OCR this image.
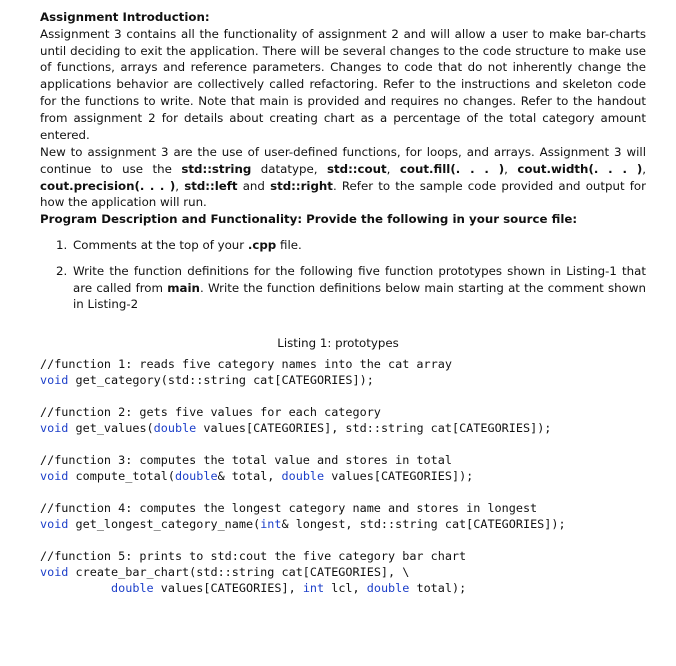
Assignment Introduction:

Assignment 3 contains all the functionality of assignment 2 and will allow a user to make bar-charts until deciding to exit the application. There will be several changes to the code structure to make use of functions, arrays and reference parameters. Changes to code that do not inherently change the applications behavior are collectively called refactoring. Refer to the instructions and skeleton code for the functions to write. Note that main is provided and requires no changes. Refer to the handout from assignment 2 for details about creating chart as a percentage of the total category amount entered.

New to assignment 3 are the use of user-defined functions, for loops, and arrays. Assignment 3 will continue to use the std::string datatype, std::cout, cout.fill(. . . ), cout.width(. . . ), cout.precision(. . . ), std::left and std::right. Refer to the sample code provided and output for how the application will run.

Program Description and Functionality: Provide the following in your source file:
1. Comments at the top of your .cpp file.
2. Write the function definitions for the following five function prototypes shown in Listing-1 that are called from main. Write the function definitions below main starting at the comment shown in Listing-2
Listing 1: prototypes
//function 1: reads five category names into the cat array
void get_category(std::string cat[CATEGORIES]);

//function 2: gets five values for each category
void get_values(double values[CATEGORIES], std::string cat[CATEGORIES]);

//function 3: computes the total value and stores in total
void compute_total(double& total, double values[CATEGORIES]);

//function 4: computes the longest category name and stores in longest
void get_longest_category_name(int& longest, std::string cat[CATEGORIES]);

//function 5: prints to std:cout the five category bar chart
void create_bar_chart(std::string cat[CATEGORIES], \
double values[CATEGORIES], int lcl, double total);
